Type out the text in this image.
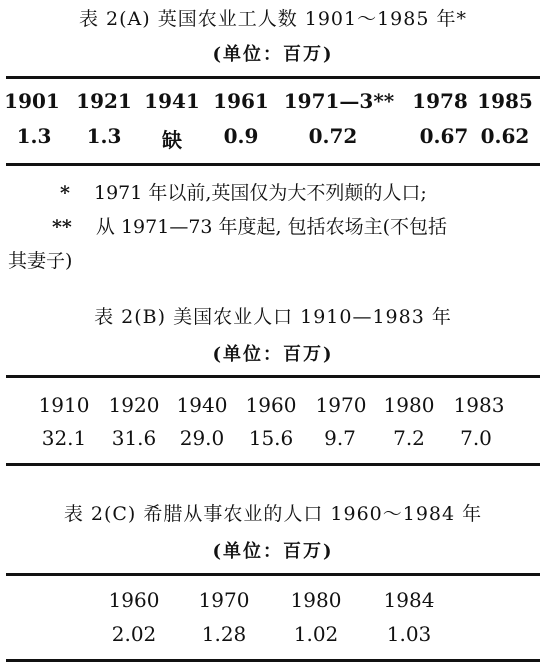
表 2(A) 英国农业工人数 1901～1985 年*
(单位：百万)
1901 1921 1941 1961 1971—3** 1978 1985
1.3 1.3 缺 0.9	0.72	0.67 0.62
* 1971 年以前,英国仅为大不列颠的人口;
** 从 1971—73 年度起, 包括农场主(不包括
其妻子)
表 2(B) 美国农业人口 1910—1983 年
(单位：百万)
1910 1920 1940 1960 1970 1980 1983
32.1 31.6 29.0 15.6 9.7 7.2 7.0
表 2(C) 希腊从事农业的人口 1960～1984 年
(单位：百万)
1960 1970 1980 1984
2.02 1.28 1.02 1.03
